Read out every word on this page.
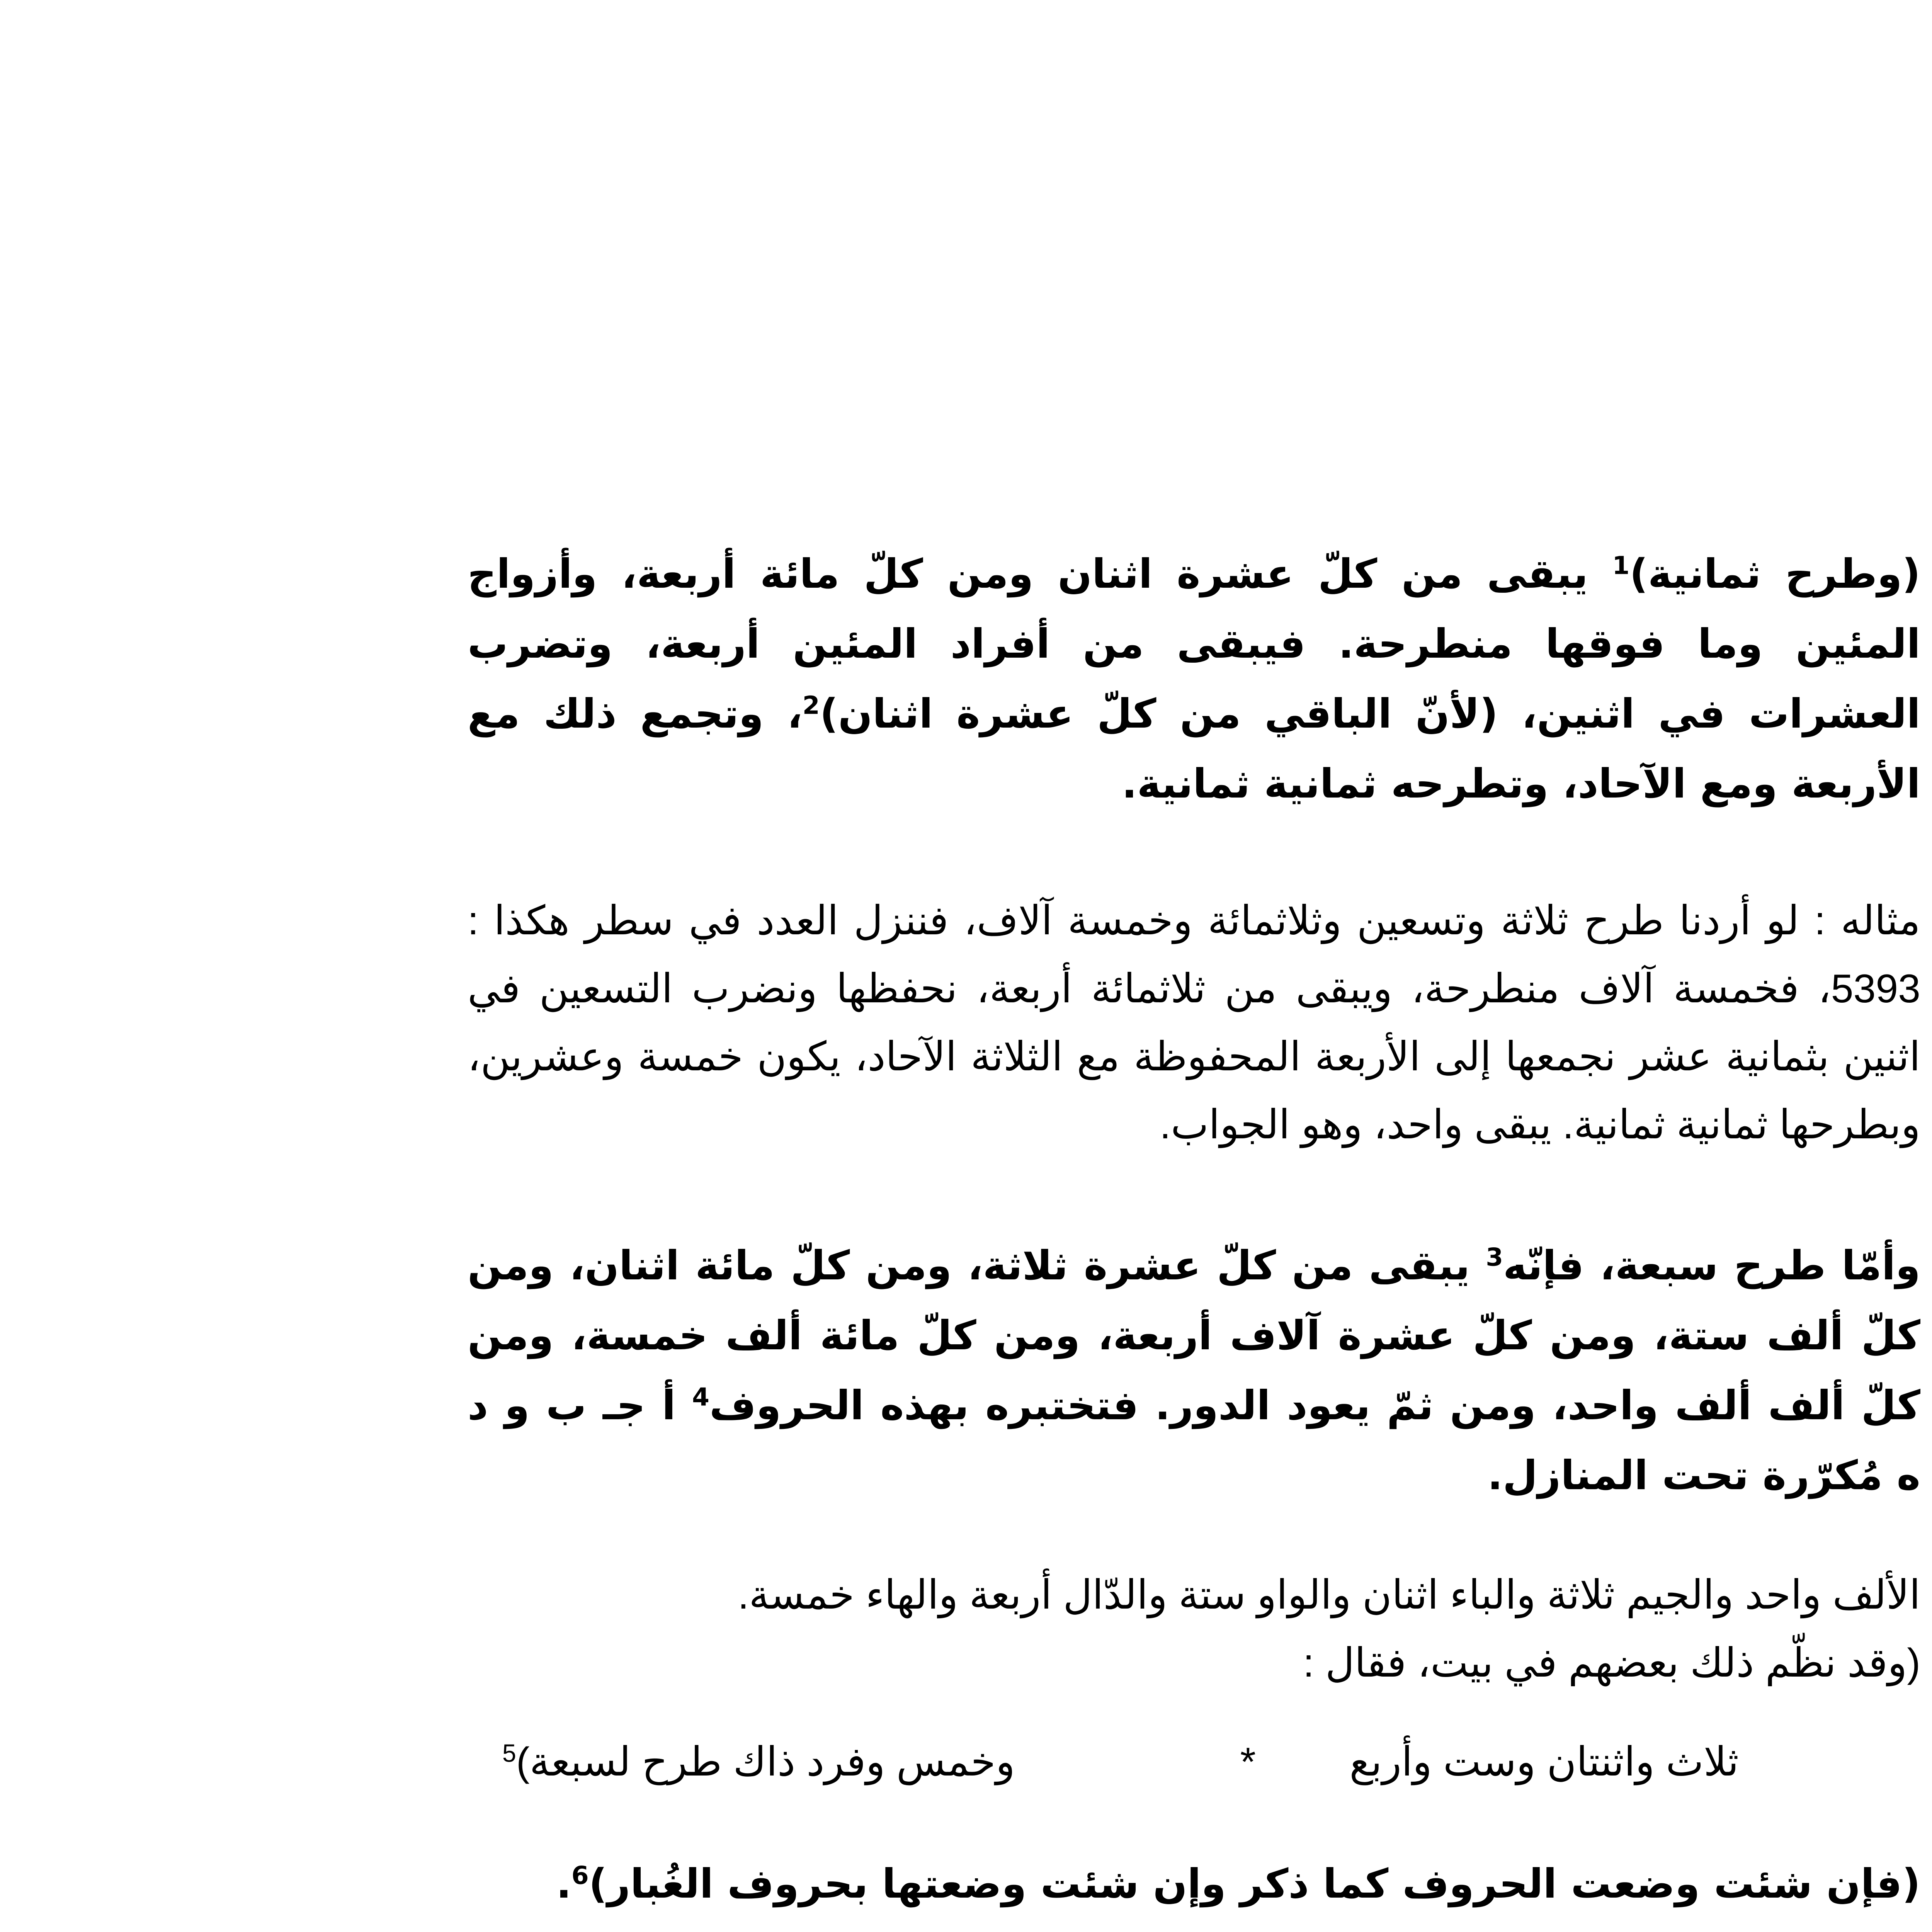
(وطرح ثمانية)$^1$ يبقى من كلّ عشرة اثنان ومن كلّ مائة أربعة، وأزواج المئين وما فوقها منطرحة. فيبقى من أفراد المئين أربعة، وتضرب العشرات في اثنين، (لأنّ الباقي من كلّ عشرة اثنان)$^2$، وتجمع ذلك مع الأربعة ومع الآحاد، وتطرحه ثمانية ثمانية.

مثاله : لو أردنا طرح ثلاثة وتسعين وثلاثمائة وخمسة آلاف، فننزل العدد في سطر هكذا : 5393، فخمسة آلاف منطرحة، ويبقى من ثلاثمائة أربعة، نحفظها ونضرب التسعين في اثنين بثمانية عشر نجمعها إلى الأربعة المحفوظة مع الثلاثة الآحاد، يكون خمسة وعشرين، وبطرحها ثمانية ثمانية. يبقى واحد، وهو الجواب.

وأمّا طرح سبعة، فإنّه$^3$ يبقى من كلّ عشرة ثلاثة، ومن كلّ مائة اثنان، ومن كلّ ألف ستة، ومن كلّ عشرة آلاف أربعة، ومن كلّ مائة ألف خمسة، ومن كلّ ألف ألف واحد، ومن ثمّ يعود الدور. فتختبره بهذه الحروف$^4$ أ جـ ب و د ه مُكرّرة تحت المنازل.

الألف واحد والجيم ثلاثة والباء اثنان والواو ستة والدّال أربعة والهاء خمسة.
(وقد نظّم ذلك بعضهم في بيت، فقال :
ثلاث واثنتان وست وأربع
*
وخمس وفرد ذاك طرح لسبعة)$^5$

(فإن شئت وضعت الحروف كما ذكر وإن شئت وضعتها بحروف الغُبار)$^6$.
